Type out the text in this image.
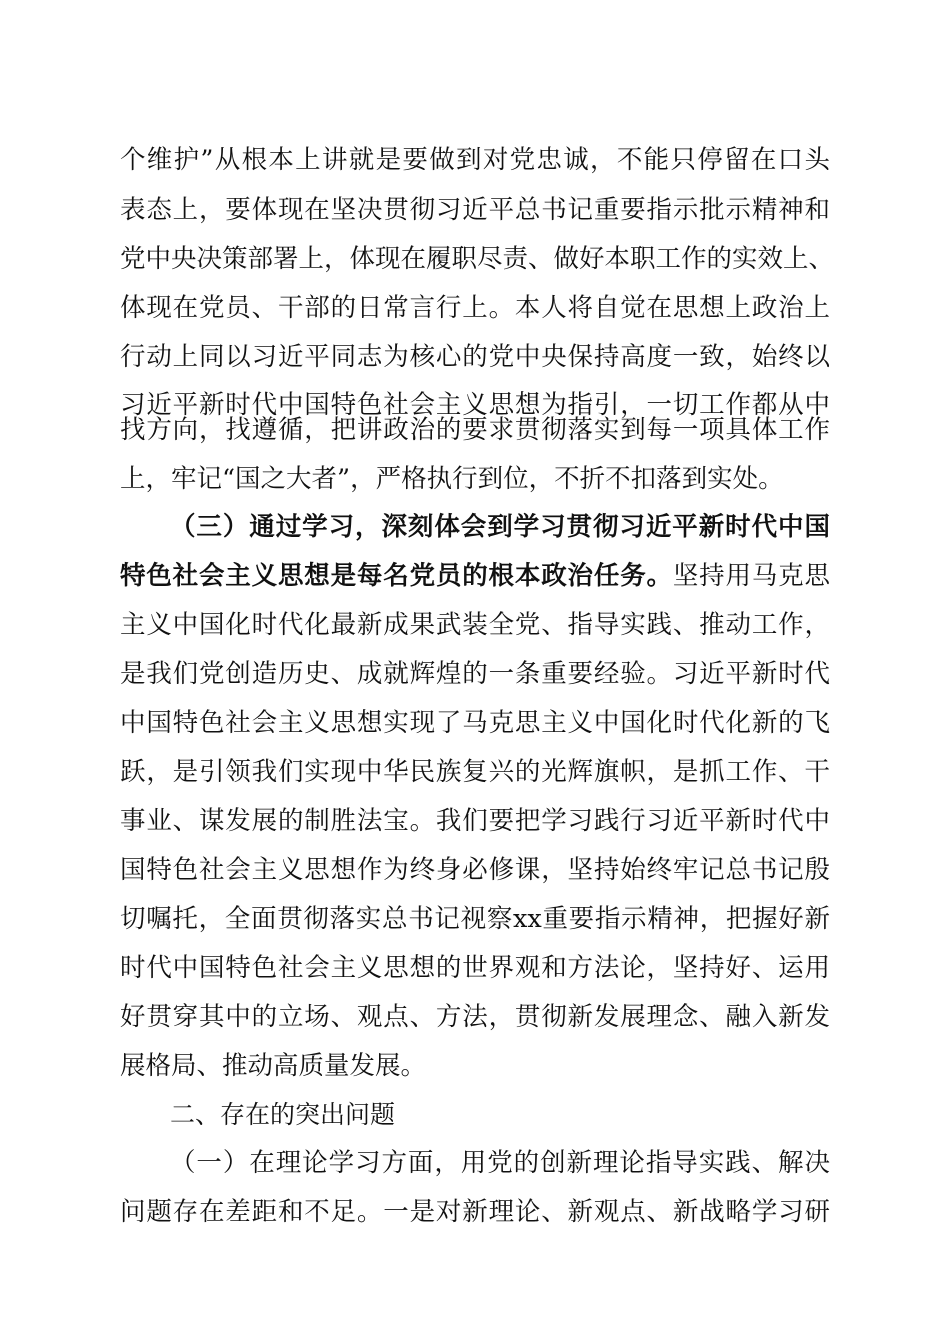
个维护”从根本上讲就是要做到对党忠诚，不能只停留在口头
表态上，要体现在坚决贯彻习近平总书记重要指示批示精神和
党中央决策部署上，体现在履职尽责、做好本职工作的实效上、
体现在党员、干部的日常言行上。本人将自觉在思想上政治上
行动上同以习近平同志为核心的党中央保持高度一致，始终以
习近平新时代中国特色社会主义思想为指引，一切工作都从中
找方向，找遵循，把讲政治的要求贯彻落实到每一项具体工作
上，牢记“国之大者”，严格执行到位，不折不扣落到实处。
（三）通过学习，深刻体会到学习贯彻习近平新时代中国
特色社会主义思想是每名党员的根本政治任务。坚持用马克思
主义中国化时代化最新成果武装全党、指导实践、推动工作，
是我们党创造历史、成就辉煌的一条重要经验。习近平新时代
中国特色社会主义思想实现了马克思主义中国化时代化新的飞
跃，是引领我们实现中华民族复兴的光辉旗帜，是抓工作、干
事业、谋发展的制胜法宝。我们要把学习践行习近平新时代中
国特色社会主义思想作为终身必修课，坚持始终牢记总书记殷
切嘱托，全面贯彻落实总书记视察xx重要指示精神，把握好新
时代中国特色社会主义思想的世界观和方法论，坚持好、运用
好贯穿其中的立场、观点、方法，贯彻新发展理念、融入新发
展格局、推动高质量发展。
二、存在的突出问题
（一）在理论学习方面，用党的创新理论指导实践、解决
问题存在差距和不足。一是对新理论、新观点、新战略学习研
